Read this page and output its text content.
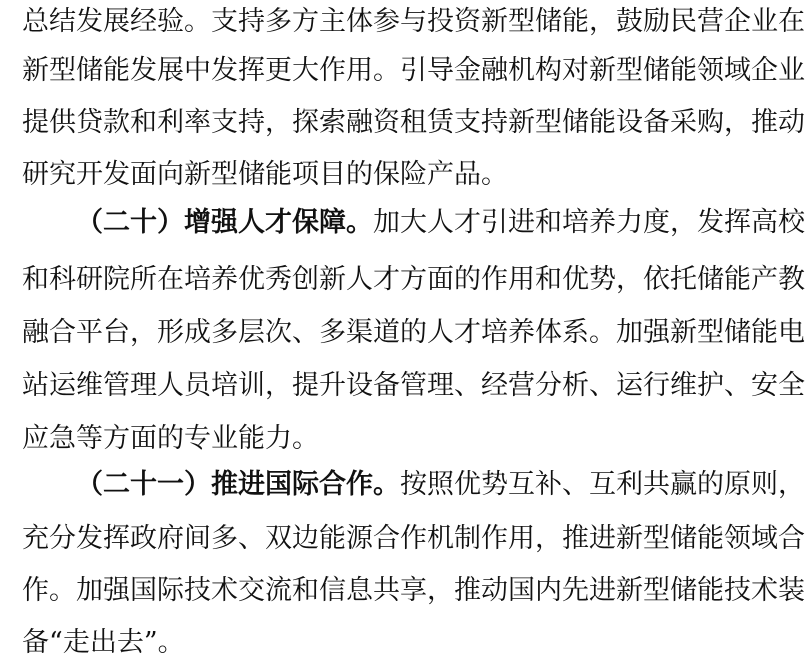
总 结 发 展 经 验 。 支 持 多 方 主 体 参 与 投 资 新 型 储 能 ， 鼓 励 民 营 企 业 在
新 型 储 能 发 展 中 发 挥 更 大 作 用 。 引 导 金 融 机 构 对 新 型 储 能 领 域 企 业
提 供 贷 款 和 利 率 支 持 ， 探 索 融 资 租 赁 支 持 新 型 储 能 设 备 采 购 ， 推 动
研 究 开 发 面 向 新 型 储 能 项 目 的 保 险 产 品 。
（ 二 十 ） 增 强 人 才 保 障 。 加 大 人 才 引 进 和 培 养 力 度 ， 发 挥 高 校
和 科 研 院 所 在 培 养 优 秀 创 新 人 才 方 面 的 作 用 和 优 势 ， 依 托 储 能 产 教
融 合 平 台 ， 形 成 多 层 次 、 多 渠 道 的 人 才 培 养 体 系 。 加 强 新 型 储 能 电
站 运 维 管 理 人 员 培 训 ， 提 升 设 备 管 理 、 经 营 分 析 、 运 行 维 护 、 安 全
应 急 等 方 面 的 专 业 能 力 。
（ 二 十 一 ） 推 进 国 际 合 作 。 按 照 优 势 互 补 、 互 利 共 赢 的 原 则 ，
充 分 发 挥 政 府 间 多 、 双 边 能 源 合 作 机 制 作 用 ， 推 进 新 型 储 能 领 域 合
作 。 加 强 国 际 技 术 交 流 和 信 息 共 享 ， 推 动 国 内 先 进 新 型 储 能 技 术 装
备 “ 走 出 去 ” 。
